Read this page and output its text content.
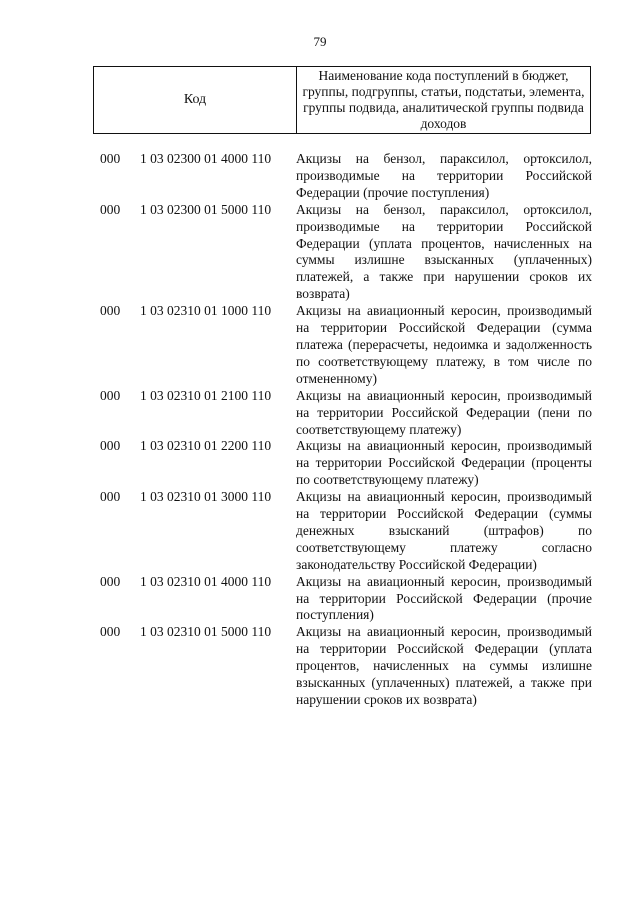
79
Код
Наименование кода поступлений в бюджет, группы, подгруппы, статьи, подстатьи, элемента, группы подвида, аналитической группы подвида доходов
000	1 03 02300 01 4000 110	Акцизы на бензол, параксилол, ортоксилол, производимые на территории Российской Федерации (прочие поступления)
000	1 03 02300 01 5000 110	Акцизы на бензол, параксилол, ортоксилол, производимые на территории Российской Федерации (уплата процентов, начисленных на суммы излишне взысканных (уплаченных) платежей, а также при нарушении сроков их возврата)
000	1 03 02310 01 1000 110	Акцизы на авиационный керосин, производимый на территории Российской Федерации (сумма платежа (перерасчеты, недоимка и задолженность по соответствующему платежу, в том числе по отмененному)
000	1 03 02310 01 2100 110	Акцизы на авиационный керосин, производимый на территории Российской Федерации (пени по соответствующему платежу)
000	1 03 02310 01 2200 110	Акцизы на авиационный керосин, производимый на территории Российской Федерации (проценты по соответствующему платежу)
000	1 03 02310 01 3000 110	Акцизы на авиационный керосин, производимый на территории Российской Федерации (суммы денежных взысканий (штрафов) по соответствующему платежу согласно законодательству Российской Федерации)
000	1 03 02310 01 4000 110	Акцизы на авиационный керосин, производимый на территории Российской Федерации (прочие поступления)
000	1 03 02310 01 5000 110	Акцизы на авиационный керосин, производимый на территории Российской Федерации (уплата процентов, начисленных на суммы излишне взысканных (уплаченных) платежей, а также при нарушении сроков их возврата)
